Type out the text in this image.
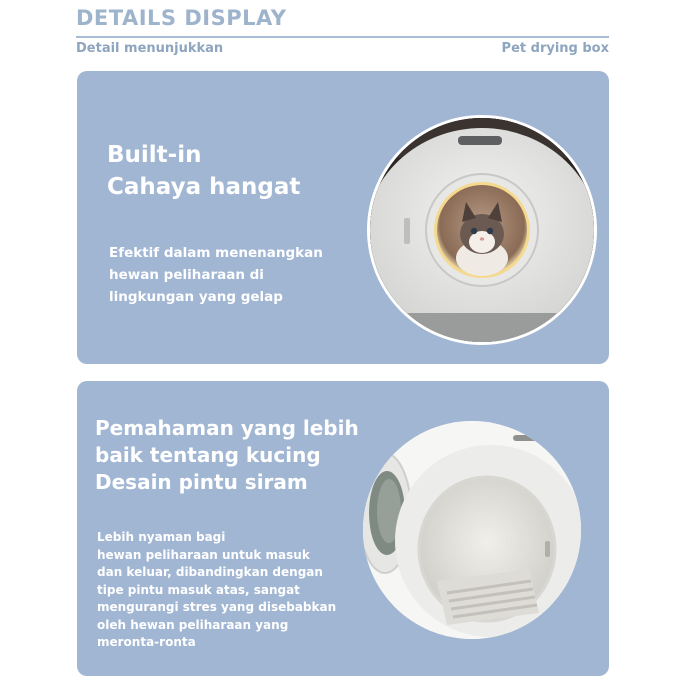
DETAILS DISPLAY
Detail menunjukkan	Pet drying box
Built-in
Cahaya hangat
Efektif dalam menenangkan
hewan peliharaan di
lingkungan yang gelap
Pemahaman yang lebih
baik tentang kucing
Desain pintu siram
Lebih nyaman bagi
hewan peliharaan untuk masuk
dan keluar, dibandingkan dengan
tipe pintu masuk atas, sangat
mengurangi stres yang disebabkan
oleh hewan peliharaan yang
meronta-ronta
